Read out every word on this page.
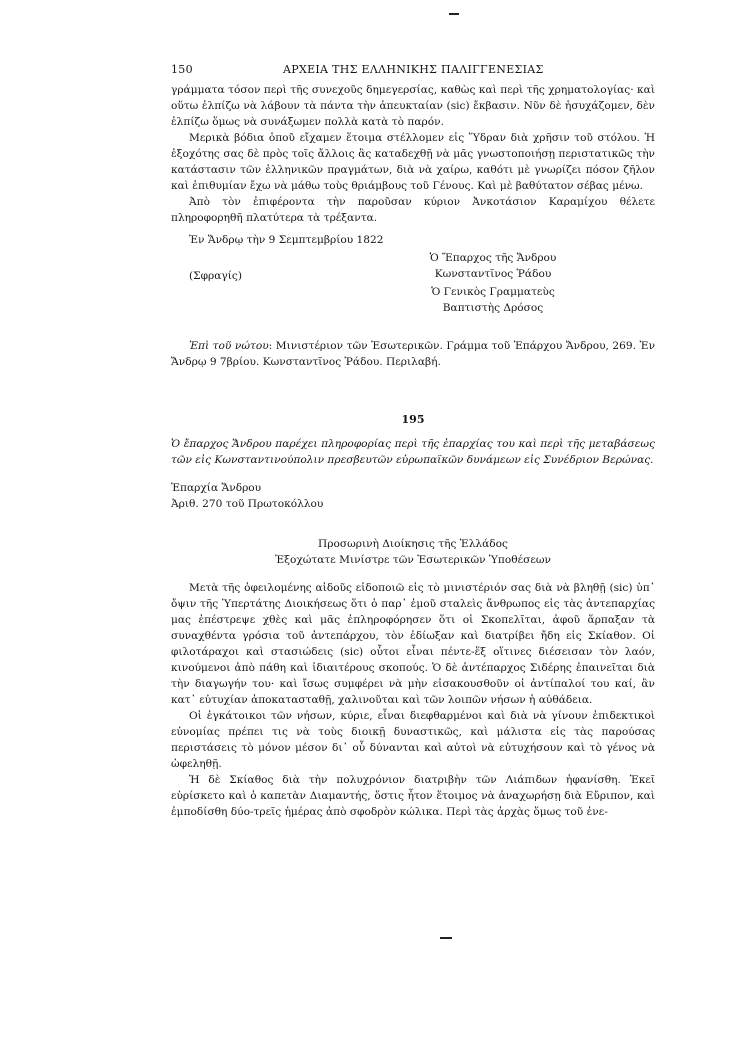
150	ΑΡΧΕΙΑ ΤΗΣ ΕΛΛΗΝΙΚΗΣ ΠΑΛΙΓΓΕΝΕΣΙΑΣ

γράμματα τόσον περὶ τῆς συνεχοῦς δημεγερσίας, καθὼς καὶ περὶ τῆς χρηματολογίας· καὶ οὕτω ἐλπίζω νὰ λάβουν τὰ πάντα τὴν ἀπευκταίαν (sic) ἔκβασιν. Νῦν δὲ ἡσυχάζομεν, δὲν ἐλπίζω ὅμως νὰ συνάξωμεν πολλὰ κατὰ τὸ παρόν.

Μερικὰ βόδια ὁποῦ εἴχαμεν ἕτοιμα στέλλομεν εἰς Ὕδραν διὰ χρῆσιν τοῦ στόλου. Ἡ ἐξοχότης σας δὲ πρὸς τοῖς ἄλλοις ἂς καταδεχθῇ νὰ μᾶς γνωστοποιήσῃ περιστατικῶς τὴν κατάστασιν τῶν ἑλληνικῶν πραγμάτων, διὰ νὰ χαίρω, καθότι μὲ γνωρίζει πόσον ζῆλον καὶ ἐπιθυμίαν ἔχω νὰ μάθω τοὺς θριάμβους τοῦ Γένους. Καὶ μὲ βαθύτατον σέβας μένω.

Ἀπὸ τὸν ἐπιφέροντα τὴν παροῦσαν κύριον Ἀνκοτάσιον Καραμίχου θέλετε πληροφορηθῆ πλατύτερα τὰ τρέξαντα.

Ἐν Ἄνδρῳ τὴν 9 Σεμπτεμβρίου 1822
(Σφραγίς)
Ὁ Ἔπαρχος τῆς Ἄνδρου
Κωνσταντῖνος Ῥάδου
Ὁ Γενικὸς Γραμματεὺς
Βαπτιστὴς Δρόσος

Ἐπὶ τοῦ νώτου: Μινιστέριον τῶν Ἐσωτερικῶν. Γράμμα τοῦ Ἐπάρχου Ἄνδρου, 269. Ἐν Ἄνδρῳ 9 7βρίου. Κωνσταντῖνος Ῥάδου. Περιλαβή.

195

Ὁ ἔπαρχος Ἄνδρου παρέχει πληροφορίας περὶ τῆς ἐπαρχίας του καὶ περὶ τῆς μεταβάσεως τῶν εἰς Κωνσταντινούπολιν πρεσβευτῶν εὐρωπαϊκῶν δυνάμεων εἰς Συνέδριον Βερώνας.

Ἐπαρχία Ἄνδρου
Ἀριθ. 270 τοῦ Πρωτοκόλλου
Προσωρινὴ Διοίκησις τῆς Ἑλλάδος
Ἐξοχώτατε Μινίστρε τῶν Ἐσωτερικῶν Ὑποθέσεων

Μετὰ τῆς ὀφειλομένης αἰδοῦς εἰδοποιῶ εἰς τὸ μινιστέριόν σας διὰ νὰ βληθῇ (sic) ὑπ᾽ ὄψιν τῆς Ὑπερτάτης Διοικήσεως ὅτι ὁ παρ᾽ ἐμοῦ σταλεὶς ἄνθρωπος εἰς τὰς ἀντεπαρχίας μας ἐπέστρεψε χθὲς καὶ μᾶς ἐπληροφόρησεν ὅτι οἱ Σκοπελῖται, ἀφοῦ ἅρπαξαν τὰ συναχθέντα γρόσια τοῦ ἀντεπάρχου, τὸν ἐδίωξαν καὶ διατρίβει ἤδη εἰς Σκίαθον. Οἱ φιλοτάραχοι καὶ στασιώδεις (sic) οὗτοι εἶναι πέντε-ἕξ οἵτινες διέσεισαν τὸν λαόν, κινούμενοι ἀπὸ πάθη καὶ ἰδιαιτέρους σκοπούς. Ὁ δὲ ἀντέπαρχος Σιδέρης ἐπαινεῖται διὰ τὴν διαγωγήν του· καὶ ἴσως συμφέρει νὰ μὴν εἰσακουσθοῦν οἱ ἀντίπαλοί του καί, ἂν κατ᾽ εὐτυχίαν ἀποκατασταθῇ, χαλινοῦται καὶ τῶν λοιπῶν νήσων ἡ αὐθάδεια.

Οἱ ἐγκάτοικοι τῶν νήσων, κύριε, εἶναι διεφθαρμένοι καὶ διὰ νὰ γίνουν ἐπιδεκτικοὶ εὐνομίας πρέπει τις νὰ τοὺς διοικῇ δυναστικῶς, καὶ μάλιστα εἰς τὰς παρούσας περιστάσεις τὸ μόνον μέσον δι᾽ οὗ δύνανται καὶ αὐτοὶ νὰ εὐτυχήσουν καὶ τὸ γένος νὰ ὠφεληθῇ.

Ἡ δὲ Σκίαθος διὰ τὴν πολυχρόνιον διατριβὴν τῶν Λιάπιδων ἠφανίσθη. Ἐκεῖ εὑρίσκετο καὶ ὁ καπετὰν Διαμαντής, ὅστις ἦτον ἕτοιμος νὰ ἀναχωρήσῃ διὰ Εὔριπον, καὶ ἐμποδίσθη δύο-τρεῖς ἡμέρας ἀπὸ σφοδρὸν κώλικα. Περὶ τὰς ἀρχὰς ὅμως τοῦ ἐνε-
